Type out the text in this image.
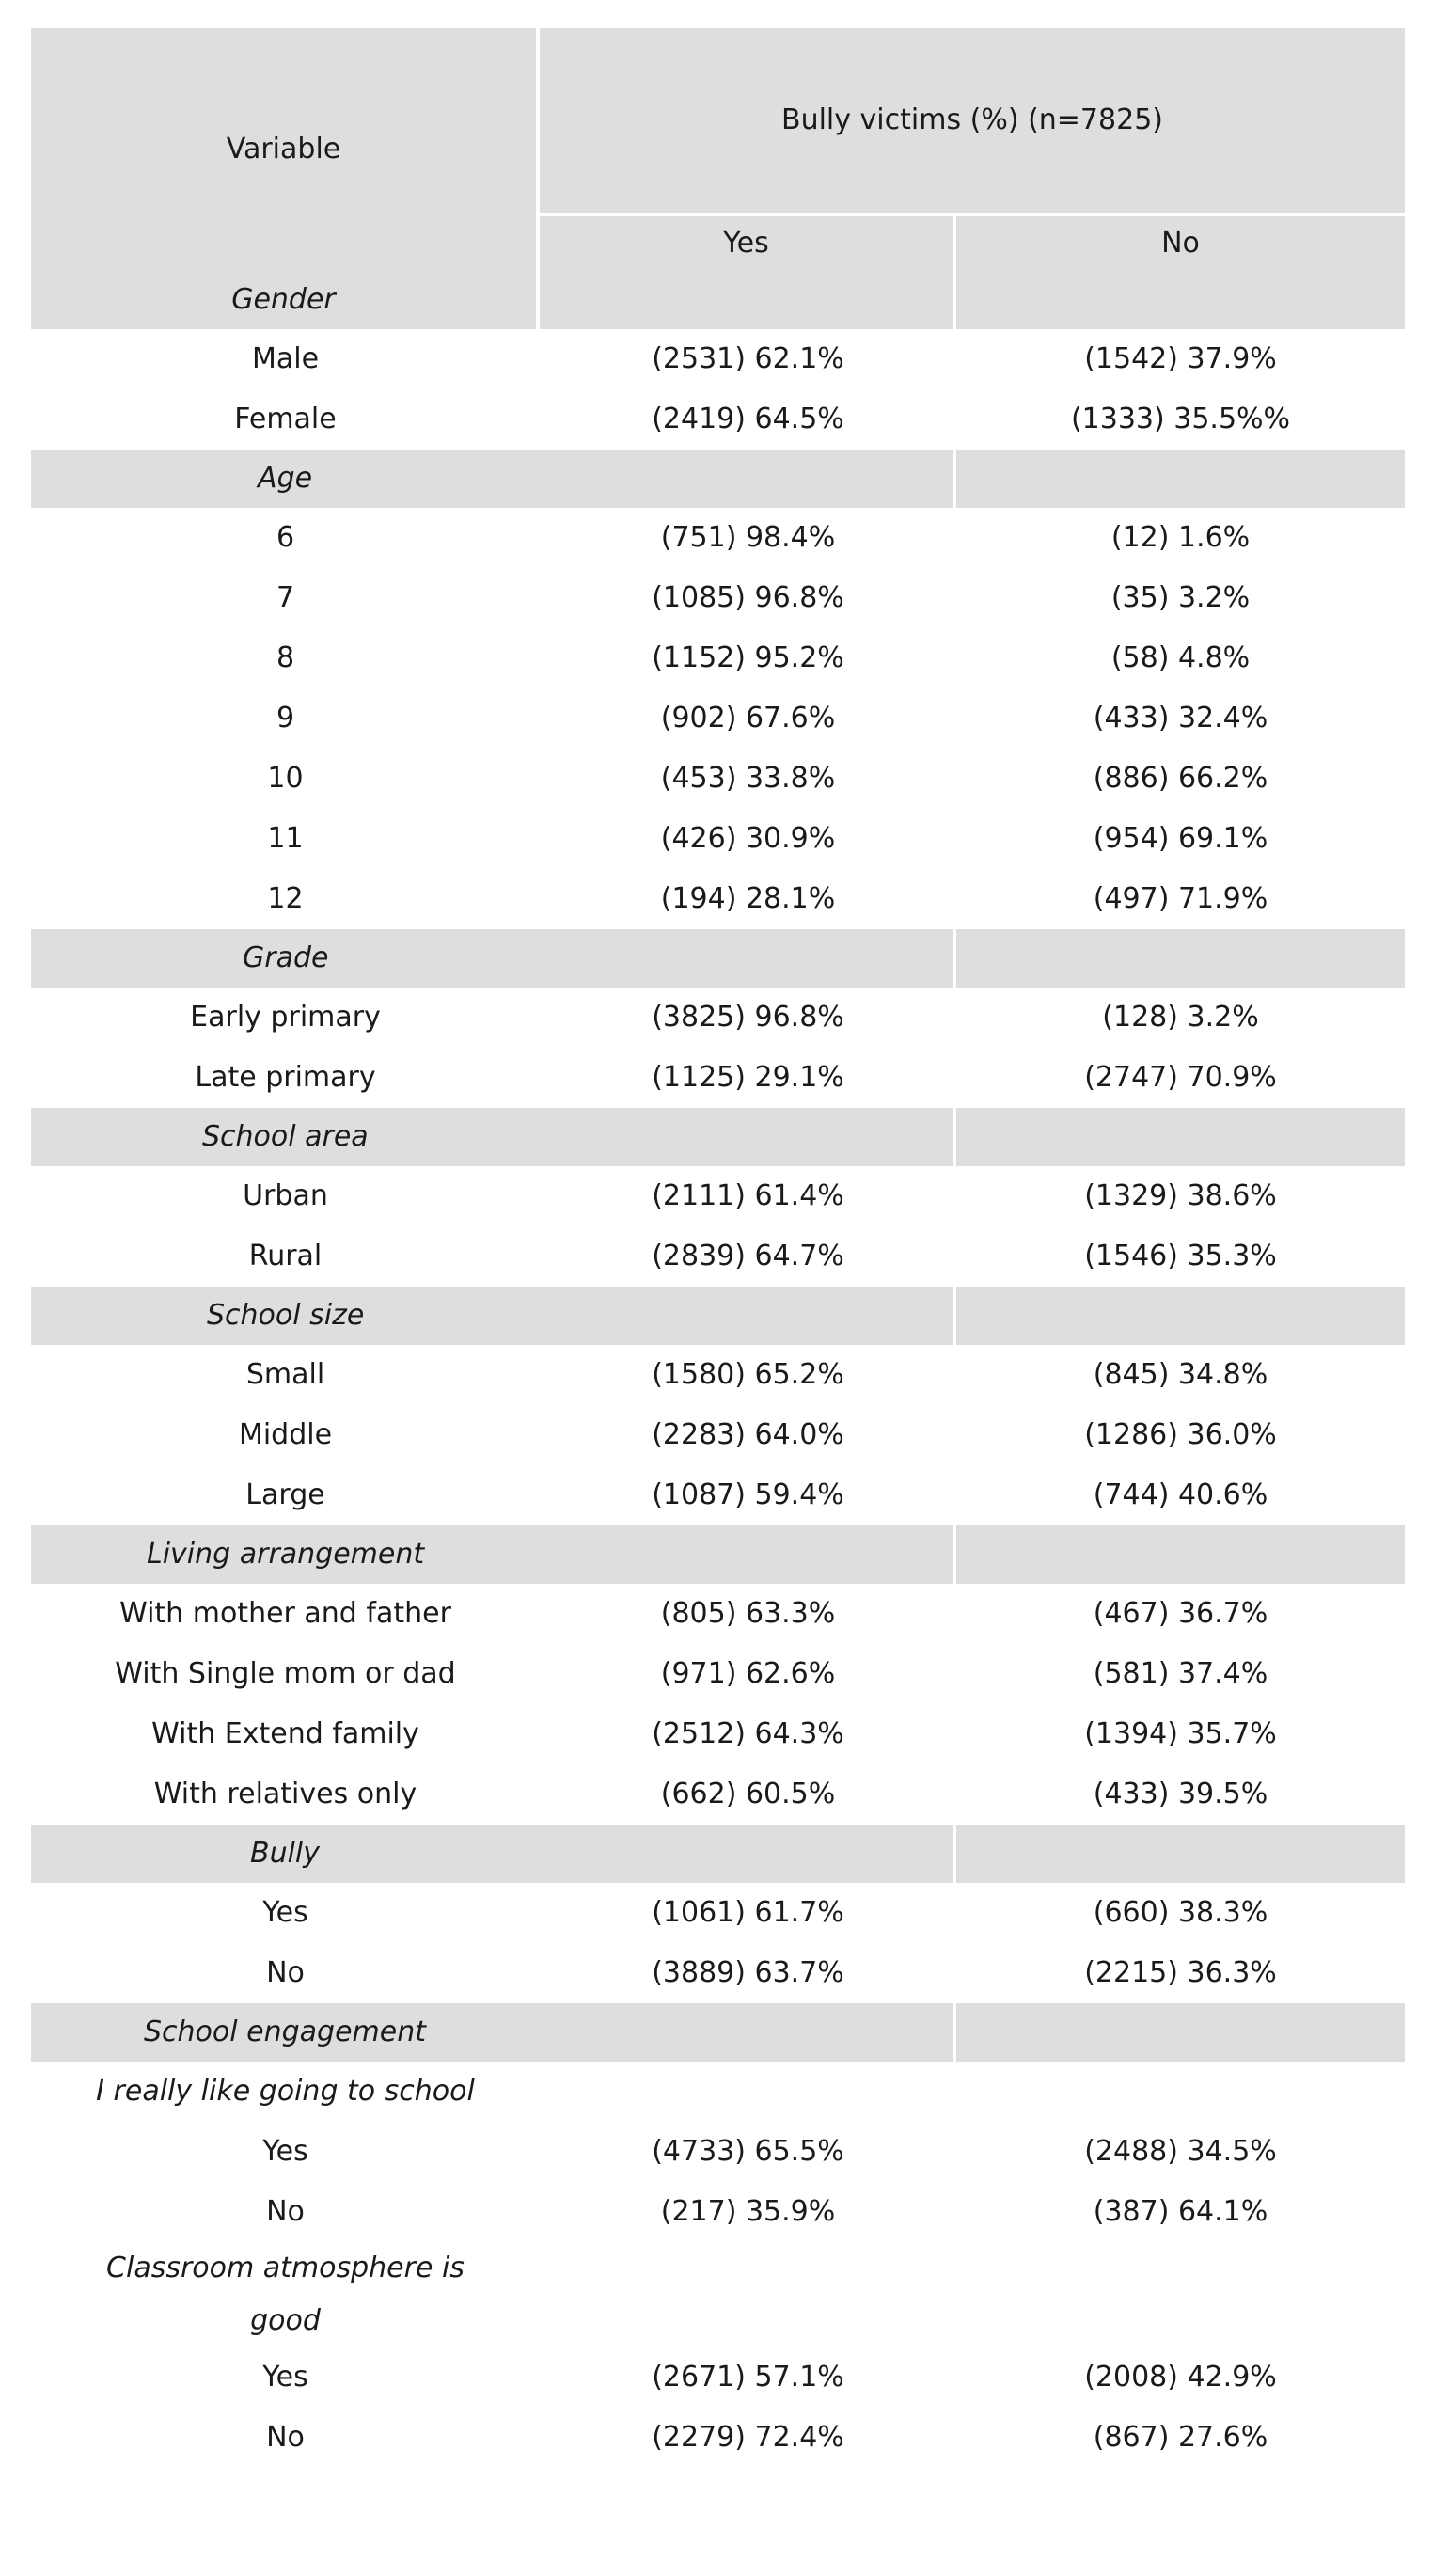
Variable
Bully victims (%) (n=7825)
Yes	No
Gender
Male	(2531) 62.1%	(1542) 37.9%
Female	(2419) 64.5%	(1333) 35.5%%
Age
6	(751) 98.4%	(12) 1.6%
7	(1085) 96.8%	(35) 3.2%
8	(1152) 95.2%	(58) 4.8%
9	(902) 67.6%	(433) 32.4%
10	(453) 33.8%	(886) 66.2%
11	(426) 30.9%	(954) 69.1%
12	(194) 28.1%	(497) 71.9%
Grade
Early primary	(3825) 96.8%	(128) 3.2%
Late primary	(1125) 29.1%	(2747) 70.9%
School area
Urban	(2111) 61.4%	(1329) 38.6%
Rural	(2839) 64.7%	(1546) 35.3%
School size
Small	(1580) 65.2%	(845) 34.8%
Middle	(2283) 64.0%	(1286) 36.0%
Large	(1087) 59.4%	(744) 40.6%
Living arrangement
With mother and father	(805) 63.3%	(467) 36.7%
With Single mom or dad	(971) 62.6%	(581) 37.4%
With Extend family	(2512) 64.3%	(1394) 35.7%
With relatives only	(662) 60.5%	(433) 39.5%
Bully
Yes	(1061) 61.7%	(660) 38.3%
No	(3889) 63.7%	(2215) 36.3%
School engagement
I really like going to school
Yes	(4733) 65.5%	(2488) 34.5%
No	(217) 35.9%	(387) 64.1%
Classroom atmosphere is
good
Yes	(2671) 57.1%	(2008) 42.9%
No	(2279) 72.4%	(867) 27.6%
